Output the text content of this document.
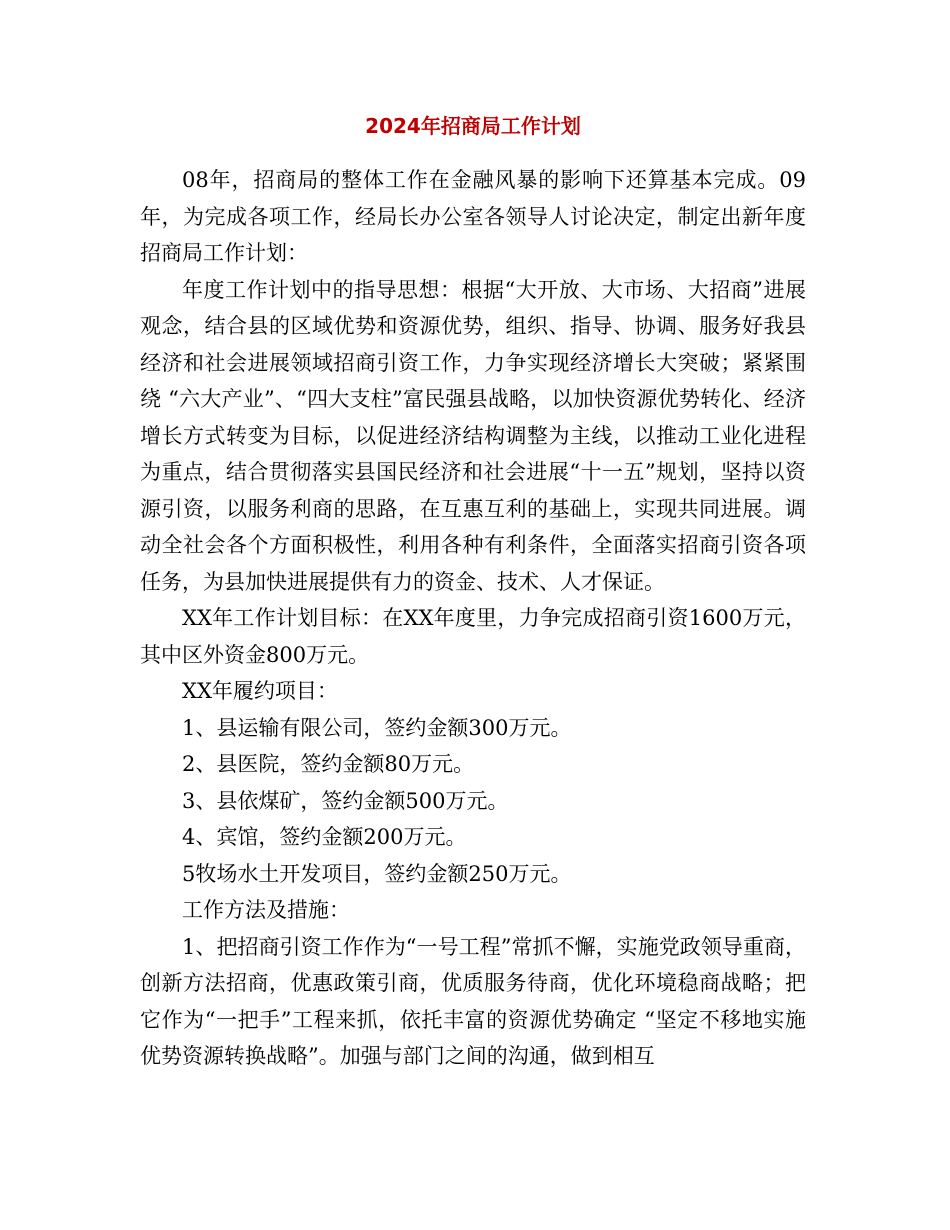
2024年招商局工作计划

08年，招商局的整体工作在金融风暴的影响下还算基本完成。09年，为完成各项工作，经局长办公室各领导人讨论决定，制定出新年度招商局工作计划：

年度工作计划中的指导思想：根据“大开放、大市场、大招商”进展观念，结合县的区域优势和资源优势，组织、指导、协调、服务好我县经济和社会进展领域招商引资工作，力争实现经济增长大突破；紧紧围绕 “六大产业”、“四大支柱”富民强县战略，以加快资源优势转化、经济增长方式转变为目标，以促进经济结构调整为主线，以推动工业化进程为重点，结合贯彻落实县国民经济和社会进展“十一五”规划，坚持以资源引资，以服务利商的思路，在互惠互利的基础上，实现共同进展。调动全社会各个方面积极性，利用各种有利条件，全面落实招商引资各项任务，为县加快进展提供有力的资金、技术、人才保证。

XX年工作计划目标：在XX年度里，力争完成招商引资1600万元，其中区外资金800万元。

XX年履约项目：

1、县运输有限公司，签约金额300万元。

2、县医院，签约金额80万元。

3、县依煤矿，签约金额500万元。

4、宾馆，签约金额200万元。

5牧场水土开发项目，签约金额250万元。

工作方法及措施：

1、把招商引资工作作为“一号工程”常抓不懈，实施党政领导重商，创新方法招商，优惠政策引商，优质服务待商，优化环境稳商战略；把它作为“一把手”工程来抓，依托丰富的资源优势确定 “坚定不移地实施优势资源转换战略”。加强与部门之间的沟通，做到相互
